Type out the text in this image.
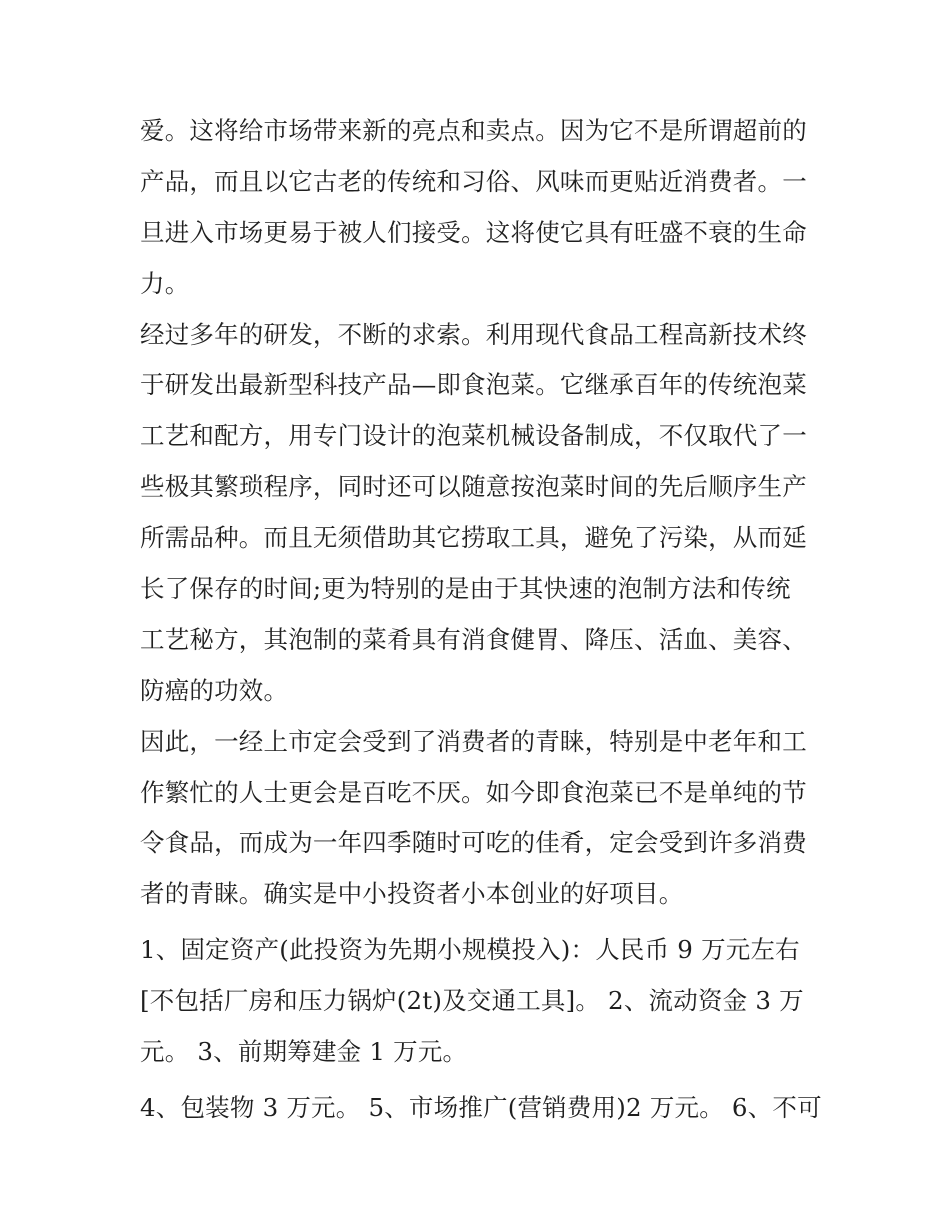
爱。这将给市场带来新的亮点和卖点。因为它不是所谓超前的
产品，而且以它古老的传统和习俗、风味而更贴近消费者。一
旦进入市场更易于被人们接受。这将使它具有旺盛不衰的生命
力。
经过多年的研发，不断的求索。利用现代食品工程高新技术终
于研发出最新型科技产品—即食泡菜。它继承百年的传统泡菜
工艺和配方，用专门设计的泡菜机械设备制成，不仅取代了一
些极其繁琐程序，同时还可以随意按泡菜时间的先后顺序生产
所需品种。而且无须借助其它捞取工具，避免了污染，从而延
长了保存的时间;更为特别的是由于其快速的泡制方法和传统
工艺秘方，其泡制的菜肴具有消食健胃、降压、活血、美容、
防癌的功效。
因此，一经上市定会受到了消费者的青睐，特别是中老年和工
作繁忙的人士更会是百吃不厌。如今即食泡菜已不是单纯的节
令食品，而成为一年四季随时可吃的佳肴，定会受到许多消费
者的青睐。确实是中小投资者小本创业的好项目。
1、固定资产(此投资为先期小规模投入)：人民币 9 万元左右
[不包括厂房和压力锅炉(2t)及交通工具]。 2、流动资金 3 万
元。 3、前期筹建金 1 万元。
4、包装物 3 万元。 5、市场推广(营销费用)2 万元。 6、不可
